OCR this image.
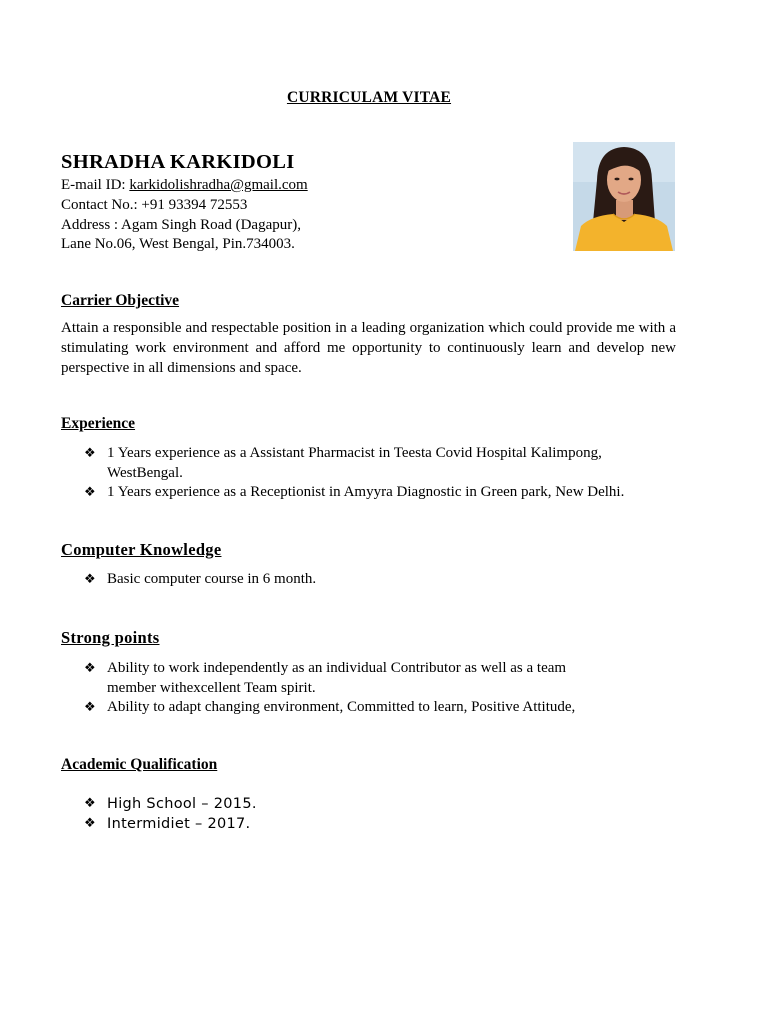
CURRICULAM VITAE
SHRADHA KARKIDOLI
E-mail ID: karkidolishradha@gmail.com
Contact No.: +91 93394 72553
Address : Agam Singh Road (Dagapur),
Lane No.06, West Bengal, Pin.734003.
Carrier Objective
Attain a responsible and respectable position in a leading organization which could provide me with a stimulating work environment and afford me opportunity to continuously learn and develop new perspective in all dimensions and space.
Experience
❖ 1 Years experience as a Assistant Pharmacist in Teesta Covid Hospital Kalimpong,
WestBengal.
❖ 1 Years experience as a Receptionist in Amyyra Diagnostic in Green park, New Delhi.
Computer Knowledge
❖ Basic computer course in 6 month.
Strong points
❖ Ability to work independently as an individual Contributor as well as a team
member withexcellent Team spirit.
❖ Ability to adapt changing environment, Committed to learn, Positive Attitude,
Academic Qualification
❖ High School – 2015.
❖ Intermidiet – 2017.
